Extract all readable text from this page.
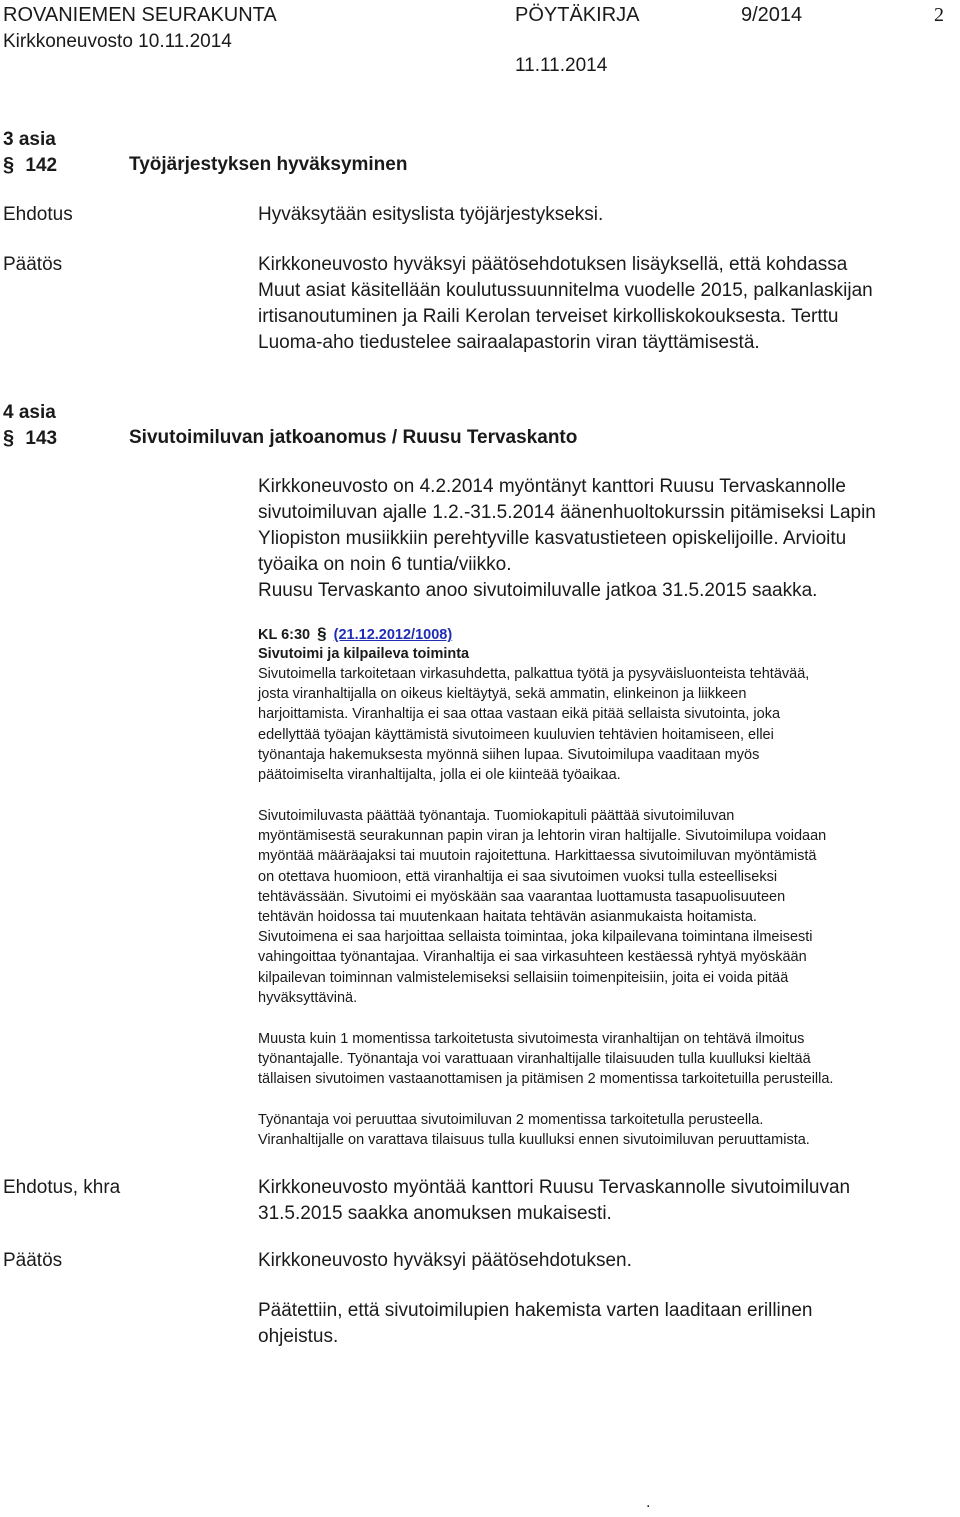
ROVANIEMEN SEURAKUNTA	PÖYTÄKIRJA	9/2014	2
Kirkkoneuvosto 10.11.2014
11.11.2014
3 asia
§ 142	Työjärjestyksen hyväksyminen
Ehdotus	Hyväksytään esityslista työjärjestykseksi.
Päätös	Kirkkoneuvosto hyväksyi päätösehdotuksen lisäyksellä, että kohdassa
Muut asiat käsitellään koulutussuunnitelma vuodelle 2015, palkanlaskijan
irtisanoutuminen ja Raili Kerolan terveiset kirkolliskokouksesta. Terttu
Luoma-aho tiedustelee sairaalapastorin viran täyttämisestä.
4 asia
§ 143	Sivutoimiluvan jatkoanomus / Ruusu Tervaskanto
Kirkkoneuvosto on 4.2.2014 myöntänyt kanttori Ruusu Tervaskannolle
sivutoimiluvan ajalle 1.2.-31.5.2014 äänenhuoltokurssin pitämiseksi Lapin
Yliopiston musiikkiin perehtyville kasvatustieteen opiskelijoille. Arvioitu
työaika on noin 6 tuntia/viikko.
Ruusu Tervaskanto anoo sivutoimiluvalle jatkoa 31.5.2015 saakka.
KL 6:30 § (21.12.2012/1008)
Sivutoimi ja kilpaileva toiminta
Sivutoimella tarkoitetaan virkasuhdetta, palkattua työtä ja pysyväisluonteista tehtävää,
josta viranhaltijalla on oikeus kieltäytyä, sekä ammatin, elinkeinon ja liikkeen
harjoittamista. Viranhaltija ei saa ottaa vastaan eikä pitää sellaista sivutointa, joka
edellyttää työajan käyttämistä sivutoimeen kuuluvien tehtävien hoitamiseen, ellei
työnantaja hakemuksesta myönnä siihen lupaa. Sivutoimilupa vaaditaan myös
päätoimiselta viranhaltijalta, jolla ei ole kiinteää työaikaa.
Sivutoimiluvasta päättää työnantaja. Tuomiokapituli päättää sivutoimiluvan
myöntämisestä seurakunnan papin viran ja lehtorin viran haltijalle. Sivutoimilupa voidaan
myöntää määräajaksi tai muutoin rajoitettuna. Harkittaessa sivutoimiluvan myöntämistä
on otettava huomioon, että viranhaltija ei saa sivutoimen vuoksi tulla esteelliseksi
tehtävässään. Sivutoimi ei myöskään saa vaarantaa luottamusta tasapuolisuuteen
tehtävän hoidossa tai muutenkaan haitata tehtävän asianmukaista hoitamista.
Sivutoimena ei saa harjoittaa sellaista toimintaa, joka kilpailevana toimintana ilmeisesti
vahingoittaa työnantajaa. Viranhaltija ei saa virkasuhteen kestäessä ryhtyä myöskään
kilpailevan toiminnan valmistelemiseksi sellaisiin toimenpiteisiin, joita ei voida pitää
hyväksyttävinä.
Muusta kuin 1 momentissa tarkoitetusta sivutoimesta viranhaltijan on tehtävä ilmoitus
työnantajalle. Työnantaja voi varattuaan viranhaltijalle tilaisuuden tulla kuulluksi kieltää
tällaisen sivutoimen vastaanottamisen ja pitämisen 2 momentissa tarkoitetuilla perusteilla.
Työnantaja voi peruuttaa sivutoimiluvan 2 momentissa tarkoitetulla perusteella.
Viranhaltijalle on varattava tilaisuus tulla kuulluksi ennen sivutoimiluvan peruuttamista.
Ehdotus, khra	Kirkkoneuvosto myöntää kanttori Ruusu Tervaskannolle sivutoimiluvan
31.5.2015 saakka anomuksen mukaisesti.
Päätös	Kirkkoneuvosto hyväksyi päätösehdotuksen.
Päätettiin, että sivutoimilupien hakemista varten laaditaan erillinen
ohjeistus.
.
